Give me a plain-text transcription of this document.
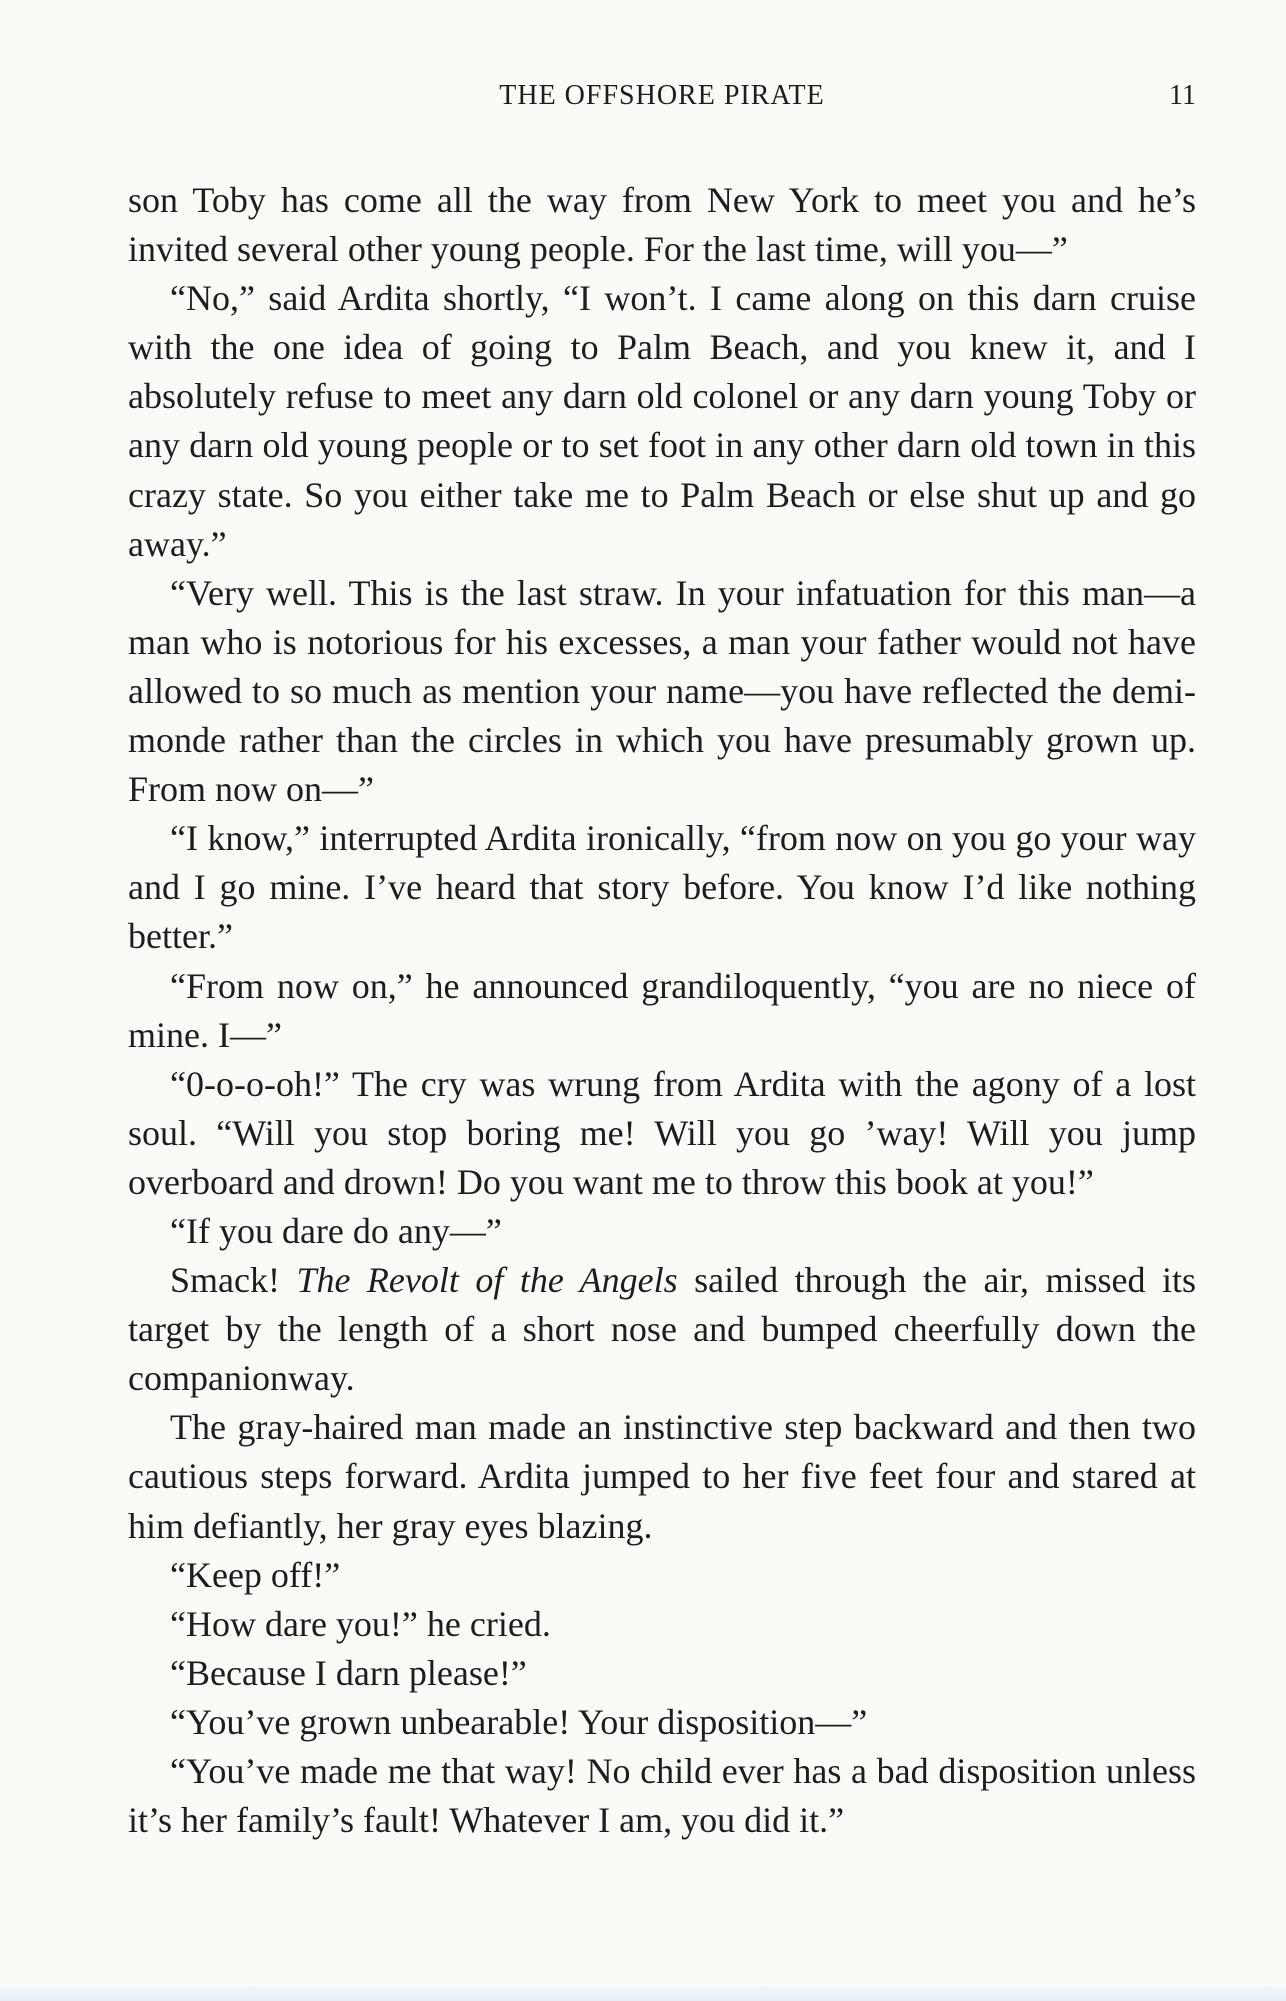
THE OFFSHORE PIRATE	11

son Toby has come all the way from New York to meet you and he’s invited several other young people. For the last time, will you—”

“No,” said Ardita shortly, “I won’t. I came along on this darn cruise with the one idea of going to Palm Beach, and you knew it, and I absolutely refuse to meet any darn old colonel or any darn young Toby or any darn old young people or to set foot in any other darn old town in this crazy state. So you either take me to Palm Beach or else shut up and go away.”

“Very well. This is the last straw. In your infatuation for this man—a man who is notorious for his excesses, a man your father would not have allowed to so much as mention your name—you have reflected the demi-monde rather than the circles in which you have presumably grown up. From now on—”

“I know,” interrupted Ardita ironically, “from now on you go your way and I go mine. I’ve heard that story before. You know I’d like nothing better.”

“From now on,” he announced grandiloquently, “you are no niece of mine. I—”

“0-o-o-oh!” The cry was wrung from Ardita with the agony of a lost soul. “Will you stop boring me! Will you go ’way! Will you jump overboard and drown! Do you want me to throw this book at you!”

“If you dare do any—”

Smack! The Revolt of the Angels sailed through the air, missed its target by the length of a short nose and bumped cheerfully down the companionway.

The gray-haired man made an instinctive step backward and then two cautious steps forward. Ardita jumped to her five feet four and stared at him defiantly, her gray eyes blazing.

“Keep off!”

“How dare you!” he cried.

“Because I darn please!”

“You’ve grown unbearable! Your disposition—”

“You’ve made me that way! No child ever has a bad disposition unless it’s her family’s fault! Whatever I am, you did it.”
